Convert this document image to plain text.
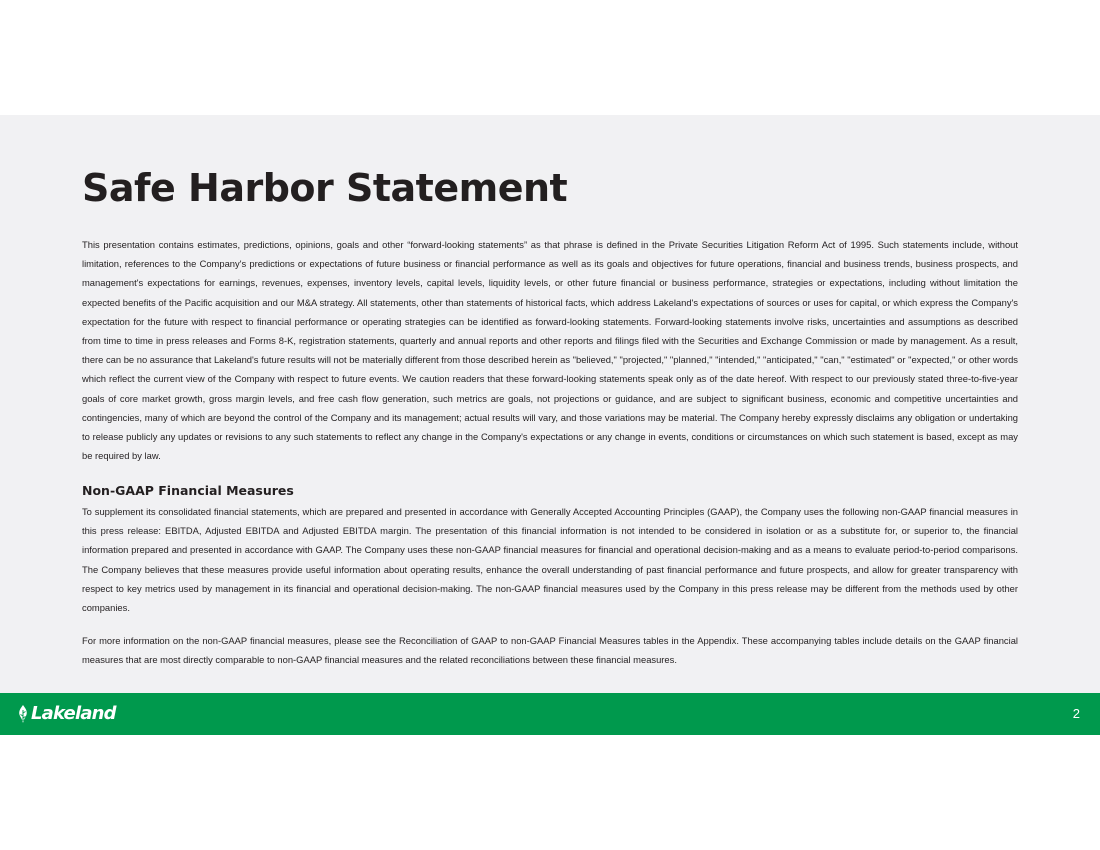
Safe Harbor Statement

This presentation contains estimates, predictions, opinions, goals and other “forward-looking statements” as that phrase is defined in the Private Securities Litigation Reform Act of 1995. Such statements include, without limitation, references to the Company's predictions or expectations of future business or financial performance as well as its goals and objectives for future operations, financial and business trends, business prospects, and management's expectations for earnings, revenues, expenses, inventory levels, capital levels, liquidity levels, or other future financial or business performance, strategies or expectations, including without limitation the expected benefits of the Pacific acquisition and our M&A strategy. All statements, other than statements of historical facts, which address Lakeland's expectations of sources or uses for capital, or which express the Company's expectation for the future with respect to financial performance or operating strategies can be identified as forward-looking statements. Forward-looking statements involve risks, uncertainties and assumptions as described from time to time in press releases and Forms 8-K, registration statements, quarterly and annual reports and other reports and filings filed with the Securities and Exchange Commission or made by management. As a result, there can be no assurance that Lakeland's future results will not be materially different from those described herein as "believed," "projected," "planned," "intended," "anticipated," "can," "estimated" or "expected," or other words which reflect the current view of the Company with respect to future events. We caution readers that these forward-looking statements speak only as of the date hereof. With respect to our previously stated three-to-five-year goals of core market growth, gross margin levels, and free cash flow generation, such metrics are goals, not projections or guidance, and are subject to significant business, economic and competitive uncertainties and contingencies, many of which are beyond the control of the Company and its management; actual results will vary, and those variations may be material. The Company hereby expressly disclaims any obligation or undertaking to release publicly any updates or revisions to any such statements to reflect any change in the Company's expectations or any change in events, conditions or circumstances on which such statement is based, except as may be required by law.

Non-GAAP Financial Measures

To supplement its consolidated financial statements, which are prepared and presented in accordance with Generally Accepted Accounting Principles (GAAP), the Company uses the following non-GAAP financial measures in this press release: EBITDA, Adjusted EBITDA and Adjusted EBITDA margin. The presentation of this financial information is not intended to be considered in isolation or as a substitute for, or superior to, the financial information prepared and presented in accordance with GAAP. The Company uses these non-GAAP financial measures for financial and operational decision-making and as a means to evaluate period-to-period comparisons. The Company believes that these measures provide useful information about operating results, enhance the overall understanding of past financial performance and future prospects, and allow for greater transparency with respect to key metrics used by management in its financial and operational decision-making. The non-GAAP financial measures used by the Company in this press release may be different from the methods used by other companies.

For more information on the non-GAAP financial measures, please see the Reconciliation of GAAP to non-GAAP Financial Measures tables in the Appendix. These accompanying tables include details on the GAAP financial measures that are most directly comparable to non-GAAP financial measures and the related reconciliations between these financial measures.

Lakeland	2
